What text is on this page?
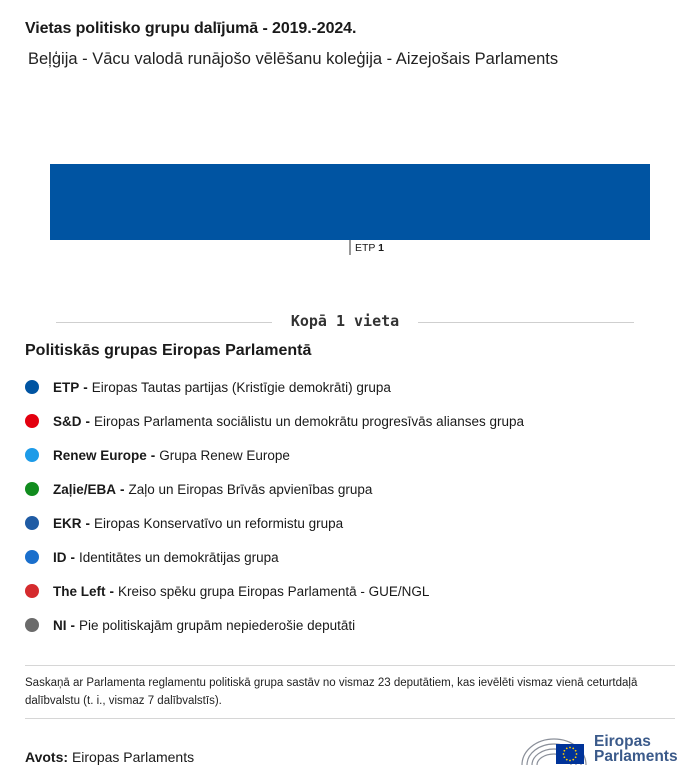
Vietas politisko grupu dalījumā - 2019.-2024.
Beļģija - Vācu valodā runājošo vēlēšanu koleģija - Aizejošais Parlaments
ETP 1
Kopā 1 vieta
Politiskās grupas Eiropas Parlamentā
ETP - Eiropas Tautas partijas (Kristīgie demokrāti) grupa
S&D - Eiropas Parlamenta sociālistu un demokrātu progresīvās alianses grupa
Renew Europe - Grupa Renew Europe
Zaļie/EBA - Zaļo un Eiropas Brīvās apvienības grupa
EKR - Eiropas Konservatīvo un reformistu grupa
ID - Identitātes un demokrātijas grupa
The Left - Kreiso spēku grupa Eiropas Parlamentā - GUE/NGL
NI - Pie politiskajām grupām nepiederošie deputāti
Saskaņā ar Parlamenta reglamentu politiskā grupa sastāv no vismaz 23 deputātiem, kas ievēlēti vismaz vienā ceturtdaļā dalībvalstu (t. i., vismaz 7 dalībvalstīs).
Avots: Eiropas Parlaments
Eiropas
Parlaments
